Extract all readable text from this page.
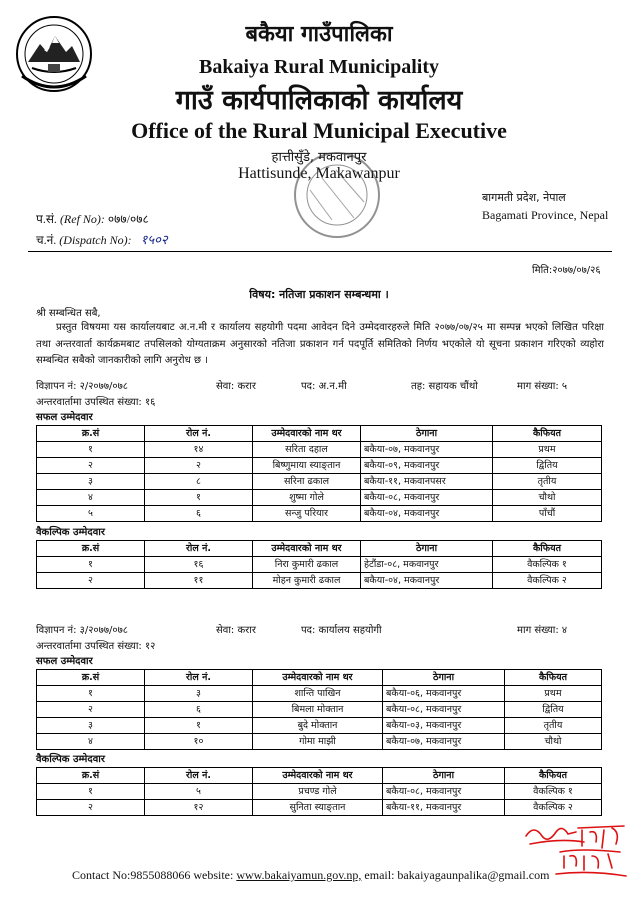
बकैया गाउँपालिका
Bakaiya Rural Municipality
गाउँ कार्यपालिकाको कार्यालय
Office of the Rural Municipal Executive
हात्तीसुँडे, मकवानपुर
Hattisunde, Makawanpur
बागमती प्रदेश, नेपाल
Bagamati Province, Nepal
प.सं. (Ref No): ०७७/०७८
च.नं. (Dispatch No): १५०२
मिति:२०७७/०७/२६
विषय: नतिजा प्रकाशन सम्बन्धमा ।
श्री सम्बन्धित सबै,
  प्रस्तुत विषयमा यस कार्यालयबाट अ.न.मी र कार्यालय सहयोगी पदमा आवेदन दिने उम्मेदवारहरुले मिति २०७७/०७/२५ मा सम्पन्न भएको लिखित परिक्षा तथा अन्तरवार्ता कार्यक्रमबाट तपसिलको योग्यताक्रम अनुसारको नतिजा प्रकाशन गर्न पदपूर्ति समितिको निर्णय भएकोले यो सूचना प्रकाशन गरिएको व्यहोरा सम्बन्धित सबैको जानकारीको लागि अनुरोध छ ।
विज्ञापन नं: २/२०७७/०७८	सेवा: करार	पद: अ.न.मी	तह: सहायक चौंथो	माग संख्या: ५
अन्तरवार्तामा उपस्थित संख्या: १६
सफल उम्मेदवार
क्र.सं	रोल नं.	उम्मेदवारको नाम थर	ठेगाना	कैफियत
१	१४	सरिता दहाल	बकैया-०७, मकवानपुर	प्रथम
२	२	बिष्णुमाया स्याङ्तान	बकैया-०९, मकवानपुर	द्वितिय
३	८	सरिना ढकाल	बकैया-११, मकवानपसर	तृतीय
४	१	शुष्मा गोले	बकैया-०८, मकवानपुर	चौथो
५	६	सन्जु परियार	बकैया-०४, मकवानपुर	पाँचौं
वैकल्पिक उम्मेदवार
क्र.सं	रोल नं.	उम्मेदवारको नाम थर	ठेगाना	कैफियत
१	१६	निरा कुमारी ढकाल	हेटौंडा-०८, मकवानपुर	वैकल्पिक १
२	११	मोहन कुमारी ढकाल	बकैया-०४, मकवानपुर	वैकल्पिक २
विज्ञापन नं: ३/२०७७/०७८	सेवा: करार	पद: कार्यालय सहयोगी	माग संख्या: ४
अन्तरवार्तामा उपस्थित संख्या: १२
सफल उम्मेदवार
क्र.सं	रोल नं.	उम्मेदवारको नाम थर	ठेगाना	कैफियत
१	३	शान्ति पाखिन	बकैया-०६, मकवानपुर	प्रथम
२	६	बिमला मोक्तान	बकैया-०८, मकवानपुर	द्वितिय
३	१	बुदे मोक्तान	बकैया-०३, मकवानपुर	तृतीय
४	१०	गोमा माझी	बकैया-०७, मकवानपुर	चौथो
वैकल्पिक उम्मेदवार
क्र.सं	रोल नं.	उम्मेदवारको नाम थर	ठेगाना	कैफियत
१	५	प्रचण्ड गोले	बकैया-०८, मकवानपुर	वैकल्पिक १
२	१२	सुनिता स्याङ्तान	बकैया-११, मकवानपुर	वैकल्पिक २
Contact No:9855088066 website: www.bakaiyamun.gov.np, email: bakaiyagaunpalika@gmail.com
